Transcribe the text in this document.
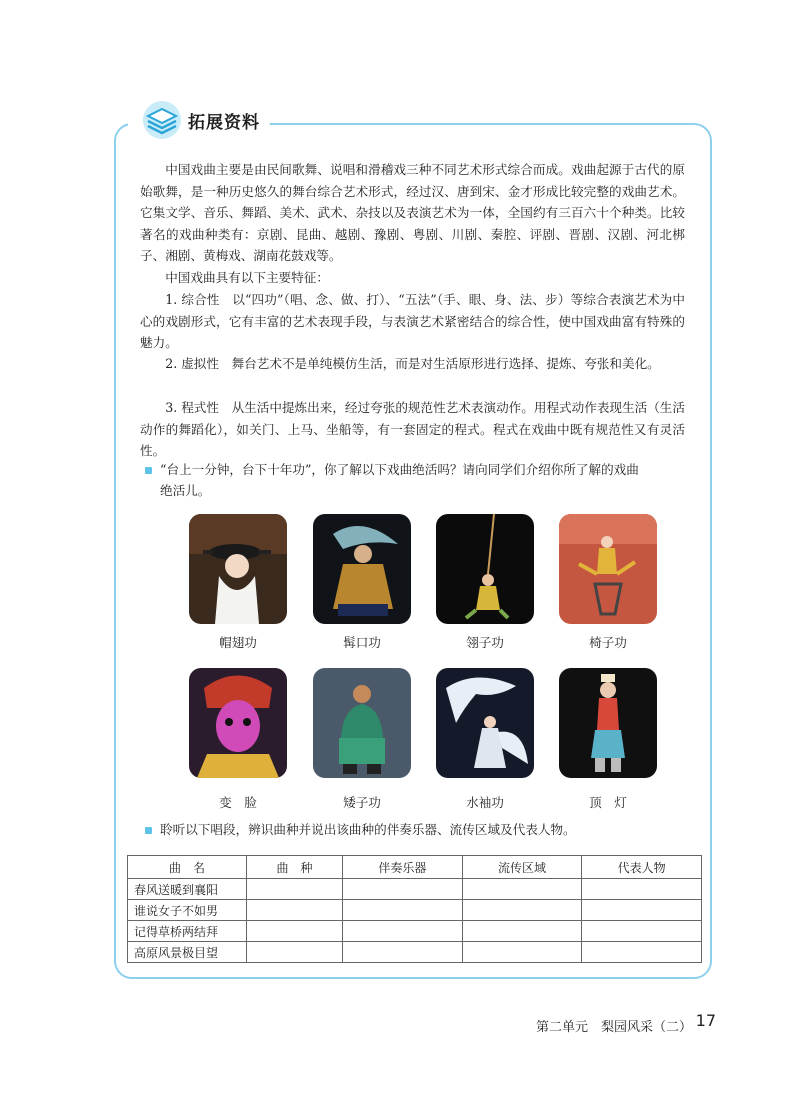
拓展资料

中国戏曲主要是由民间歌舞、说唱和滑稽戏三种不同艺术形式综合而成。戏曲起源于古代的原始歌舞，是一种历史悠久的舞台综合艺术形式，经过汉、唐到宋、金才形成比较完整的戏曲艺术。它集文学、音乐、舞蹈、美术、武术、杂技以及表演艺术为一体，全国约有三百六十个种类。比较著名的戏曲种类有：京剧、昆曲、越剧、豫剧、粤剧、川剧、秦腔、评剧、晋剧、汉剧、河北梆子、湘剧、黄梅戏、湖南花鼓戏等。

中国戏曲具有以下主要特征：

1. 综合性　以“四功”（唱、念、做、打）、“五法”（手、眼、身、法、步）等综合表演艺术为中心的戏剧形式，它有丰富的艺术表现手段，与表演艺术紧密结合的综合性，使中国戏曲富有特殊的魅力。

2. 虚拟性　舞台艺术不是单纯模仿生活，而是对生活原形进行选择、提炼、夸张和美化。

3. 程式性　从生活中提炼出来，经过夸张的规范性艺术表演动作。用程式动作表现生活（生活动作的舞蹈化），如关门、上马、坐船等，有一套固定的程式。程式在戏曲中既有规范性又有灵活性。

“台上一分钟，台下十年功”，你了解以下戏曲绝活吗？请向同学们介绍你所了解的戏曲绝活儿。

帽翅功	髯口功	翎子功	椅子功
变　脸	矮子功	水袖功	顶　灯

聆听以下唱段，辨识曲种并说出该曲种的伴奏乐器、流传区域及代表人物。

曲　名	曲　种	伴奏乐器	流传区域	代表人物
春风送暖到襄阳				
谁说女子不如男				
记得草桥两结拜				
高原风景极目望				
第二单元　梨园风采（二） 17
